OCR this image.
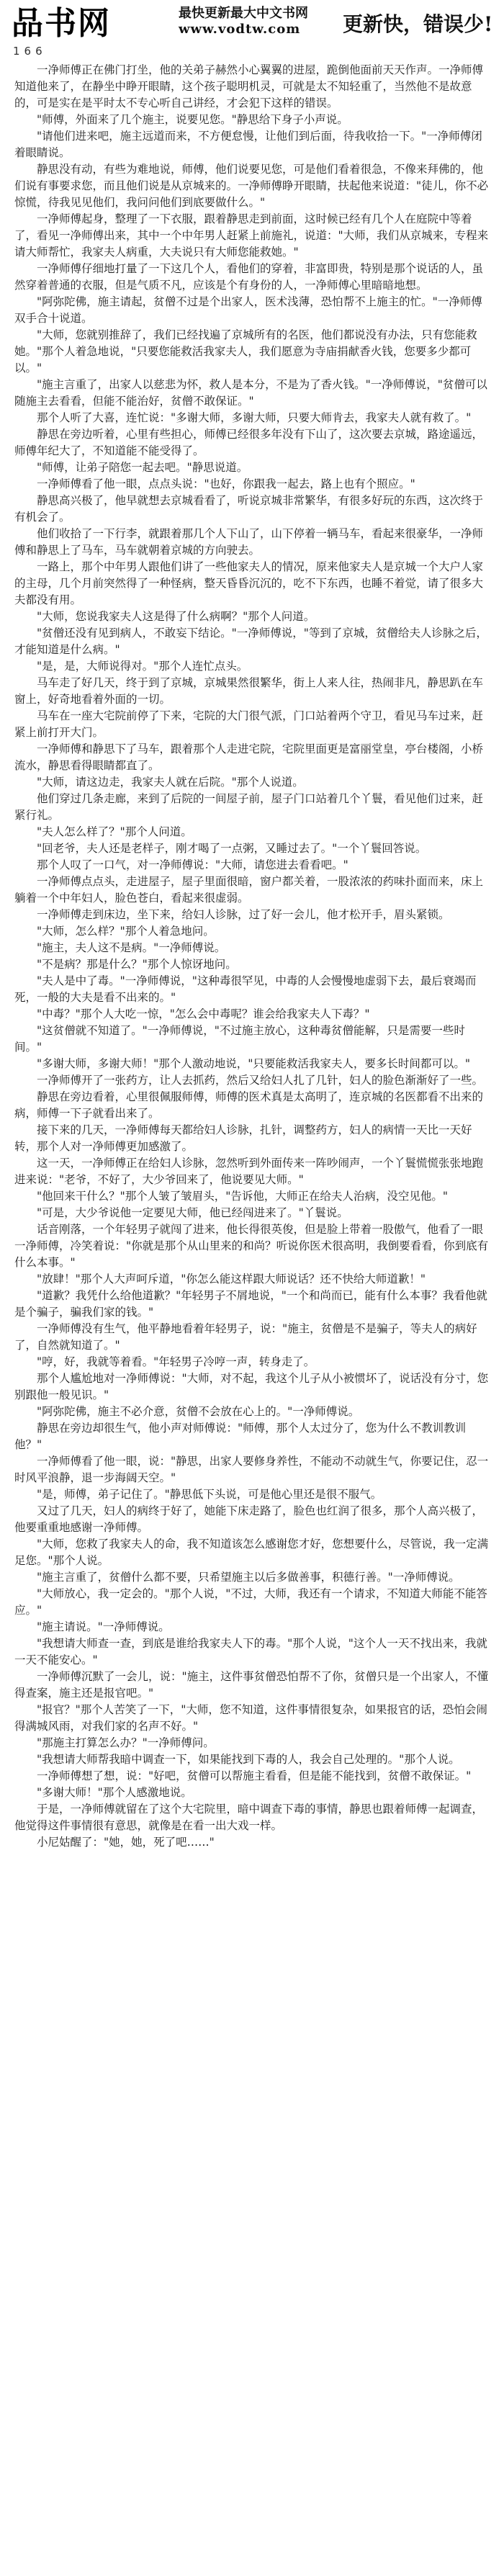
品书网	最快更新最大中文书网
www.vodtw.com	更新快，错误少!
166

一净师傅正在佛门打坐，他的关弟子赫然小心翼翼的进屋，跪倒他面前天天作声。一净师傅知道他来了，在静坐中睁开眼睛，这个孩子聪明机灵，可就是太不知轻重了，当然他不是故意的，可是实在是平时太不专心听自己讲经，才会犯下这样的错误。

"师傅，外面来了几个施主，说要见您。"静思给下身子小声说。

"请他们进来吧，施主远道而来，不方便怠慢，让他们到后面，待我收拾一下。"一净师傅闭着眼睛说。

静思没有动，有些为难地说，师傅，他们说要见您，可是他们看着很急，不像来拜佛的，他们说有事要求您，而且他们说是从京城来的。一净师傅睁开眼睛，扶起他来说道："徒儿，你不必惊慌，待我见见他们，我问问他们到底要做什么。"

一净师傅起身，整理了一下衣服，跟着静思走到前面，这时候已经有几个人在庭院中等着了，看见一净师傅出来，其中一个中年男人赶紧上前施礼，说道："大师，我们从京城来，专程来请大师帮忙，我家夫人病重，大夫说只有大师您能救她。"

一净师傅仔细地打量了一下这几个人，看他们的穿着，非富即贵，特别是那个说话的人，虽然穿着普通的衣服，但是气质不凡，应该是个有身份的人，一净师傅心里暗暗地想。

"阿弥陀佛，施主请起，贫僧不过是个出家人，医术浅薄，恐怕帮不上施主的忙。"一净师傅双手合十说道。

"大师，您就别推辞了，我们已经找遍了京城所有的名医，他们都说没有办法，只有您能救她。"那个人着急地说，"只要您能救活我家夫人，我们愿意为寺庙捐献香火钱，您要多少都可以。"

"施主言重了，出家人以慈悲为怀，救人是本分，不是为了香火钱。"一净师傅说，"贫僧可以随施主去看看，但能不能治好，贫僧不敢保证。"

那个人听了大喜，连忙说："多谢大师，多谢大师，只要大师肯去，我家夫人就有救了。"

静思在旁边听着，心里有些担心，师傅已经很多年没有下山了，这次要去京城，路途遥远，师傅年纪大了，不知道能不能受得了。

"师傅，让弟子陪您一起去吧。"静思说道。

一净师傅看了他一眼，点点头说："也好，你跟我一起去，路上也有个照应。"

静思高兴极了，他早就想去京城看看了，听说京城非常繁华，有很多好玩的东西，这次终于有机会了。

他们收拾了一下行李，就跟着那几个人下山了，山下停着一辆马车，看起来很豪华，一净师傅和静思上了马车，马车就朝着京城的方向驶去。

一路上，那个中年男人跟他们讲了一些他家夫人的情况，原来他家夫人是京城一个大户人家的主母，几个月前突然得了一种怪病，整天昏昏沉沉的，吃不下东西，也睡不着觉，请了很多大夫都没有用。

"大师，您说我家夫人这是得了什么病啊？"那个人问道。

"贫僧还没有见到病人，不敢妄下结论。"一净师傅说，"等到了京城，贫僧给夫人诊脉之后，才能知道是什么病。"

"是，是，大师说得对。"那个人连忙点头。

马车走了好几天，终于到了京城，京城果然很繁华，街上人来人往，热闹非凡，静思趴在车窗上，好奇地看着外面的一切。

马车在一座大宅院前停了下来，宅院的大门很气派，门口站着两个守卫，看见马车过来，赶紧上前打开大门。

一净师傅和静思下了马车，跟着那个人走进宅院，宅院里面更是富丽堂皇，亭台楼阁，小桥流水，静思看得眼睛都直了。

"大师，请这边走，我家夫人就在后院。"那个人说道。

他们穿过几条走廊，来到了后院的一间屋子前，屋子门口站着几个丫鬟，看见他们过来，赶紧行礼。

"夫人怎么样了？"那个人问道。

"回老爷，夫人还是老样子，刚才喝了一点粥，又睡过去了。"一个丫鬟回答说。

那个人叹了一口气，对一净师傅说："大师，请您进去看看吧。"

一净师傅点点头，走进屋子，屋子里面很暗，窗户都关着，一股浓浓的药味扑面而来，床上躺着一个中年妇人，脸色苍白，看起来很虚弱。

一净师傅走到床边，坐下来，给妇人诊脉，过了好一会儿，他才松开手，眉头紧锁。

"大师，怎么样？"那个人着急地问。

"施主，夫人这不是病。"一净师傅说。

"不是病？那是什么？"那个人惊讶地问。

"夫人是中了毒。"一净师傅说，"这种毒很罕见，中毒的人会慢慢地虚弱下去，最后衰竭而死，一般的大夫是看不出来的。"

"中毒？"那个人大吃一惊，"怎么会中毒呢？谁会给我家夫人下毒？"

"这贫僧就不知道了。"一净师傅说，"不过施主放心，这种毒贫僧能解，只是需要一些时间。"

"多谢大师，多谢大师！"那个人激动地说，"只要能救活我家夫人，要多长时间都可以。"

一净师傅开了一张药方，让人去抓药，然后又给妇人扎了几针，妇人的脸色渐渐好了一些。

静思在旁边看着，心里很佩服师傅，师傅的医术真是太高明了，连京城的名医都看不出来的病，师傅一下子就看出来了。

接下来的几天，一净师傅每天都给妇人诊脉，扎针，调整药方，妇人的病情一天比一天好转，那个人对一净师傅更加感激了。

这一天，一净师傅正在给妇人诊脉，忽然听到外面传来一阵吵闹声，一个丫鬟慌慌张张地跑进来说："老爷，不好了，大少爷回来了，他说要见大师。"

"他回来干什么？"那个人皱了皱眉头，"告诉他，大师正在给夫人治病，没空见他。"

"可是，大少爷说他一定要见大师，他已经闯进来了。"丫鬟说。

话音刚落，一个年轻男子就闯了进来，他长得很英俊，但是脸上带着一股傲气，他看了一眼一净师傅，冷笑着说："你就是那个从山里来的和尚？听说你医术很高明，我倒要看看，你到底有什么本事。"

"放肆！"那个人大声呵斥道，"你怎么能这样跟大师说话？还不快给大师道歉！"

"道歉？我凭什么给他道歉？"年轻男子不屑地说，"一个和尚而已，能有什么本事？我看他就是个骗子，骗我们家的钱。"

一净师傅没有生气，他平静地看着年轻男子，说："施主，贫僧是不是骗子，等夫人的病好了，自然就知道了。"

"哼，好，我就等着看。"年轻男子冷哼一声，转身走了。

那个人尴尬地对一净师傅说："大师，对不起，我这个儿子从小被惯坏了，说话没有分寸，您别跟他一般见识。"

"阿弥陀佛，施主不必介意，贫僧不会放在心上的。"一净师傅说。

静思在旁边却很生气，他小声对师傅说："师傅，那个人太过分了，您为什么不教训教训他？"

一净师傅看了他一眼，说："静思，出家人要修身养性，不能动不动就生气，你要记住，忍一时风平浪静，退一步海阔天空。"

"是，师傅，弟子记住了。"静思低下头说，可是他心里还是很不服气。

又过了几天，妇人的病终于好了，她能下床走路了，脸色也红润了很多，那个人高兴极了，他要重重地感谢一净师傅。

"大师，您救了我家夫人的命，我不知道该怎么感谢您才好，您想要什么，尽管说，我一定满足您。"那个人说。

"施主言重了，贫僧什么都不要，只希望施主以后多做善事，积德行善。"一净师傅说。

"大师放心，我一定会的。"那个人说，"不过，大师，我还有一个请求，不知道大师能不能答应。"

"施主请说。"一净师傅说。

"我想请大师查一查，到底是谁给我家夫人下的毒。"那个人说，"这个人一天不找出来，我就一天不能安心。"

一净师傅沉默了一会儿，说："施主，这件事贫僧恐怕帮不了你，贫僧只是一个出家人，不懂得查案，施主还是报官吧。"

"报官？"那个人苦笑了一下，"大师，您不知道，这件事情很复杂，如果报官的话，恐怕会闹得满城风雨，对我们家的名声不好。"

"那施主打算怎么办？"一净师傅问。

"我想请大师帮我暗中调查一下，如果能找到下毒的人，我会自己处理的。"那个人说。

一净师傅想了想，说："好吧，贫僧可以帮施主看看，但是能不能找到，贫僧不敢保证。"

"多谢大师！"那个人感激地说。

于是，一净师傅就留在了这个大宅院里，暗中调查下毒的事情，静思也跟着师傅一起调查，他觉得这件事情很有意思，就像是在看一出大戏一样。

小尼姑醒了："她，她，死了吧……"
